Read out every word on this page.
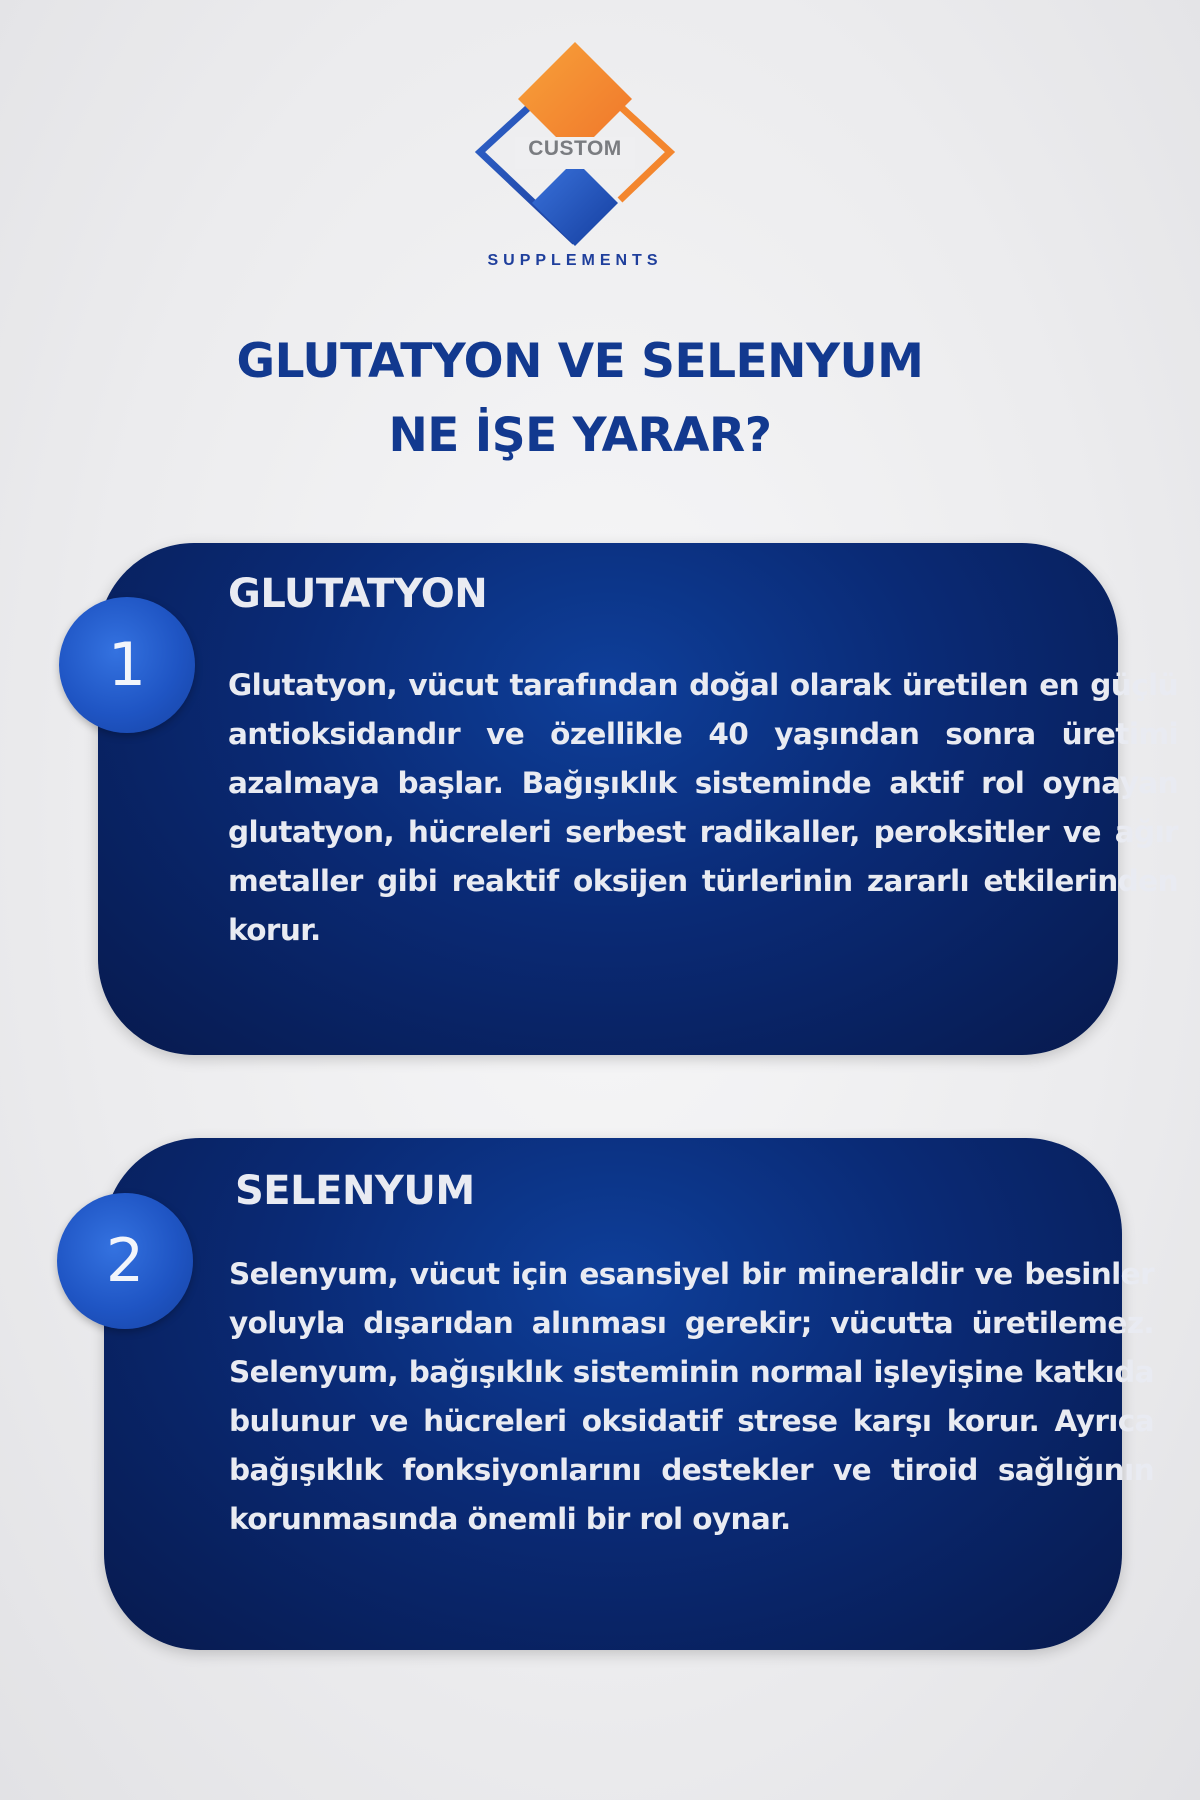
CUSTOM
SUPPLEMENTS
GLUTATYON VE SELENYUM
NE İŞE YARAR?
GLUTATYON
Glutatyon, vücut tarafından doğal olarak üretilen en güçlü antioksidandır ve özellikle 40 yaşından sonra üretimi azalmaya başlar. Bağışıklık sisteminde aktif rol oynayan glutatyon, hücreleri serbest radikaller, peroksitler ve ağır metaller gibi reaktif oksijen türlerinin zararlı etkilerinden korur.
1
SELENYUM
Selenyum, vücut için esansiyel bir mineraldir ve besinler yoluyla dışarıdan alınması gerekir; vücutta üretilemez. Selenyum, bağışıklık sisteminin normal işleyişine katkıda bulunur ve hücreleri oksidatif strese karşı korur. Ayrıca bağışıklık fonksiyonlarını destekler ve tiroid sağlığının korunmasında önemli bir rol oynar.
2
